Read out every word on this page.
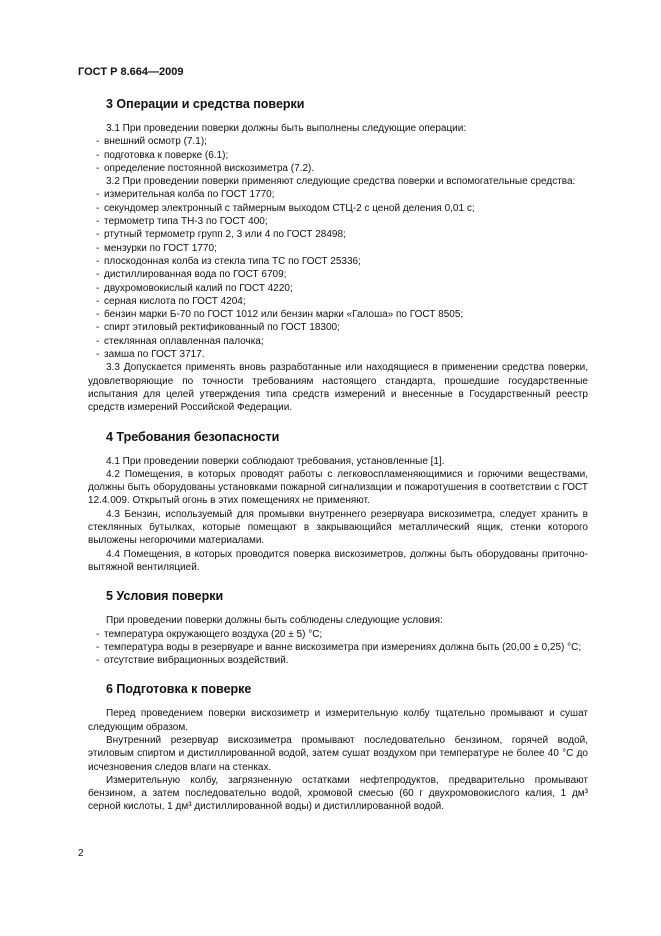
ГОСТ Р 8.664—2009
3 Операции и средства поверки

3.1 При проведении поверки должны быть выполнены следующие операции:

- внешний осмотр (7.1);
- подготовка к поверке (6.1);
- определение постоянной вискозиметра (7.2).

3.2 При проведении поверки применяют следующие средства поверки и вспомогательные средства:

- измерительная колба по ГОСТ 1770;
- секундомер электронный с таймерным выходом СТЦ-2 с ценой деления 0,01 с;
- термометр типа ТН-3 по ГОСТ 400;
- ртутный термометр групп 2, 3 или 4 по ГОСТ 28498;
- мензурки по ГОСТ 1770;
- плоскодонная колба из стекла типа ТС по ГОСТ 25336;
- дистиллированная вода по ГОСТ 6709;
- двухромовокислый калий по ГОСТ 4220;
- серная кислота по ГОСТ 4204;
- бензин марки Б-70 по ГОСТ 1012 или бензин марки «Галоша» по ГОСТ 8505;
- спирт этиловый ректификованный по ГОСТ 18300;
- стеклянная оплавленная палочка;
- замша по ГОСТ 3717.

3.3 Допускается применять вновь разработанные или находящиеся в применении средства поверки, удовлетворяющие по точности требованиям настоящего стандарта, прошедшие государственные испытания для целей утверждения типа средств измерений и внесенные в Государственный реестр средств измерений Российской Федерации.

4 Требования безопасности

4.1 При проведении поверки соблюдают требования, установленные [1].

4.2 Помещения, в которых проводят работы с легковоспламеняющимися и горючими веществами, должны быть оборудованы установками пожарной сигнализации и пожаротушения в соответствии с ГОСТ 12.4.009. Открытый огонь в этих помещениях не применяют.

4.3 Бензин, используемый для промывки внутреннего резервуара вискозиметра, следует хранить в стеклянных бутылках, которые помещают в закрывающийся металлический ящик, стенки которого выложены негорючими материалами.

4.4 Помещения, в которых проводится поверка вискозиметров, должны быть оборудованы приточно-вытяжной вентиляцией.

5 Условия поверки

При проведении поверки должны быть соблюдены следующие условия:

- температура окружающего воздуха (20 ± 5) °С;
- температура воды в резервуаре и ванне вискозиметра при измерениях должна быть (20,00 ± 0,25) °С;
- отсутствие вибрационных воздействий.
6 Подготовка к поверке

Перед проведением поверки вискозиметр и измерительную колбу тщательно промывают и сушат следующим образом.

Внутренний резервуар вискозиметра промывают последовательно бензином, горячей водой, этиловым спиртом и дистиллированной водой, затем сушат воздухом при температуре не более 40 °С до исчезновения следов влаги на стенках.

Измерительную колбу, загрязненную остатками нефтепродуктов, предварительно промывают бензином, а затем последовательно водой, хромовой смесью (60 г двухромовокислого калия, 1 дм³ серной кислоты, 1 дм³ дистиллированной воды) и дистиллированной водой.

2
